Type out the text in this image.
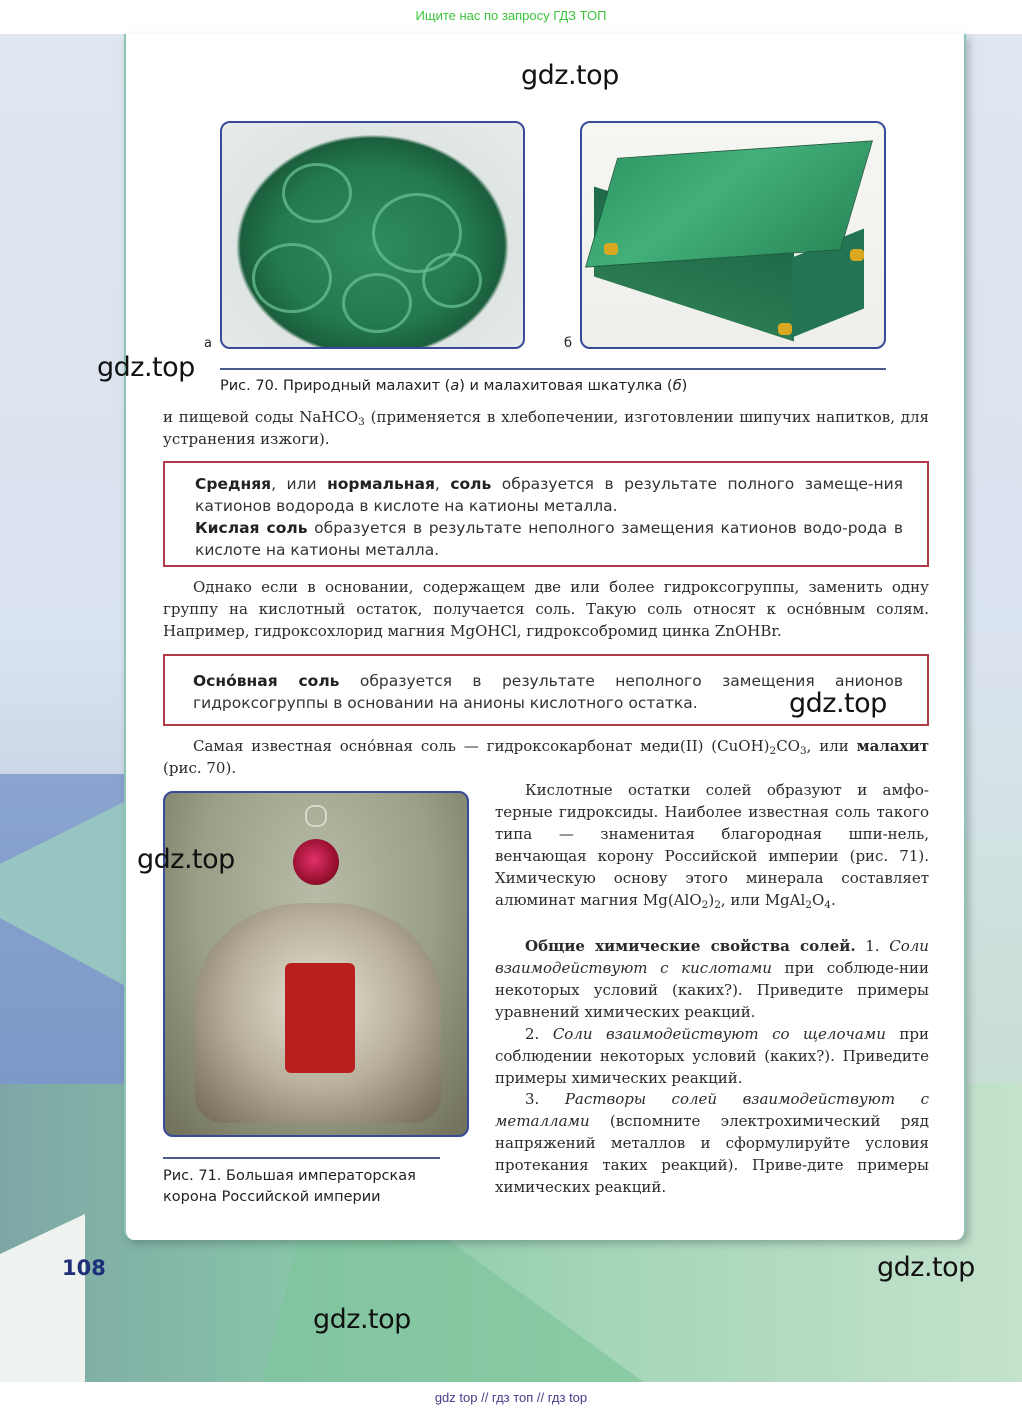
Ищите нас по запросу ГДЗ ТОП
а	б
Рис. 70. Природный малахит (а) и малахитовая шкатулка (б)
и пищевой соды NaHCO$_3$ (применяется в хлебопечении, изготовлении шипучих напитков, для устранения изжоги).
Средняя, или нормальная, соль образуется в результате полного замеще-ния катионов водорода в кислоте на катионы металла.
Кислая соль образуется в результате неполного замещения катионов водо-рода в кислоте на катионы металла.
Однако если в основании, содержащем две или более гидроксогруппы, заменить одну группу на кислотный остаток, получается соль. Такую соль относят к осно́вным солям. Например, гидроксохлорид магния MgOHCl, гидроксобромид цинка ZnOHBr.
Осно́вная соль образуется в результате неполного замещения анионов гидроксогруппы в основании на анионы кислотного остатка.
Самая известная осно́вная соль — гидроксокарбонат меди(II) $(CuOH)_2CO_3$, или малахит (рис. 70).
Рис. 71. Большая императорская
корона Российской империи
Кислотные остатки солей образуют и амфо-терные гидроксиды. Наиболее известная соль такого типа — знаменитая благородная шпи-нель, венчающая корону Российской империи (рис. 71). Химическую основу этого минерала составляет алюминат магния $Mg(AlO_2)_2$, или $MgAl_2O_4$.
Общие химические свойства солей. 1. Соли взаимодействуют с кислотами при соблюде-нии некоторых условий (каких?). Приведите примеры уравнений химических реакций.
2. Соли взаимодействуют со щелочами при соблюдении некоторых условий (каких?). Приведите примеры химических реакций.
3. Растворы солей взаимодействуют с металлами (вспомните электрохимический ряд напряжений металлов и сформулируйте условия протекания таких реакций). Приве-дите примеры химических реакций.
108
gdz.top
gdz.top
gdz.top
gdz.top
gdz.top
gdz.top
gdz top // гдз топ // гдз top
